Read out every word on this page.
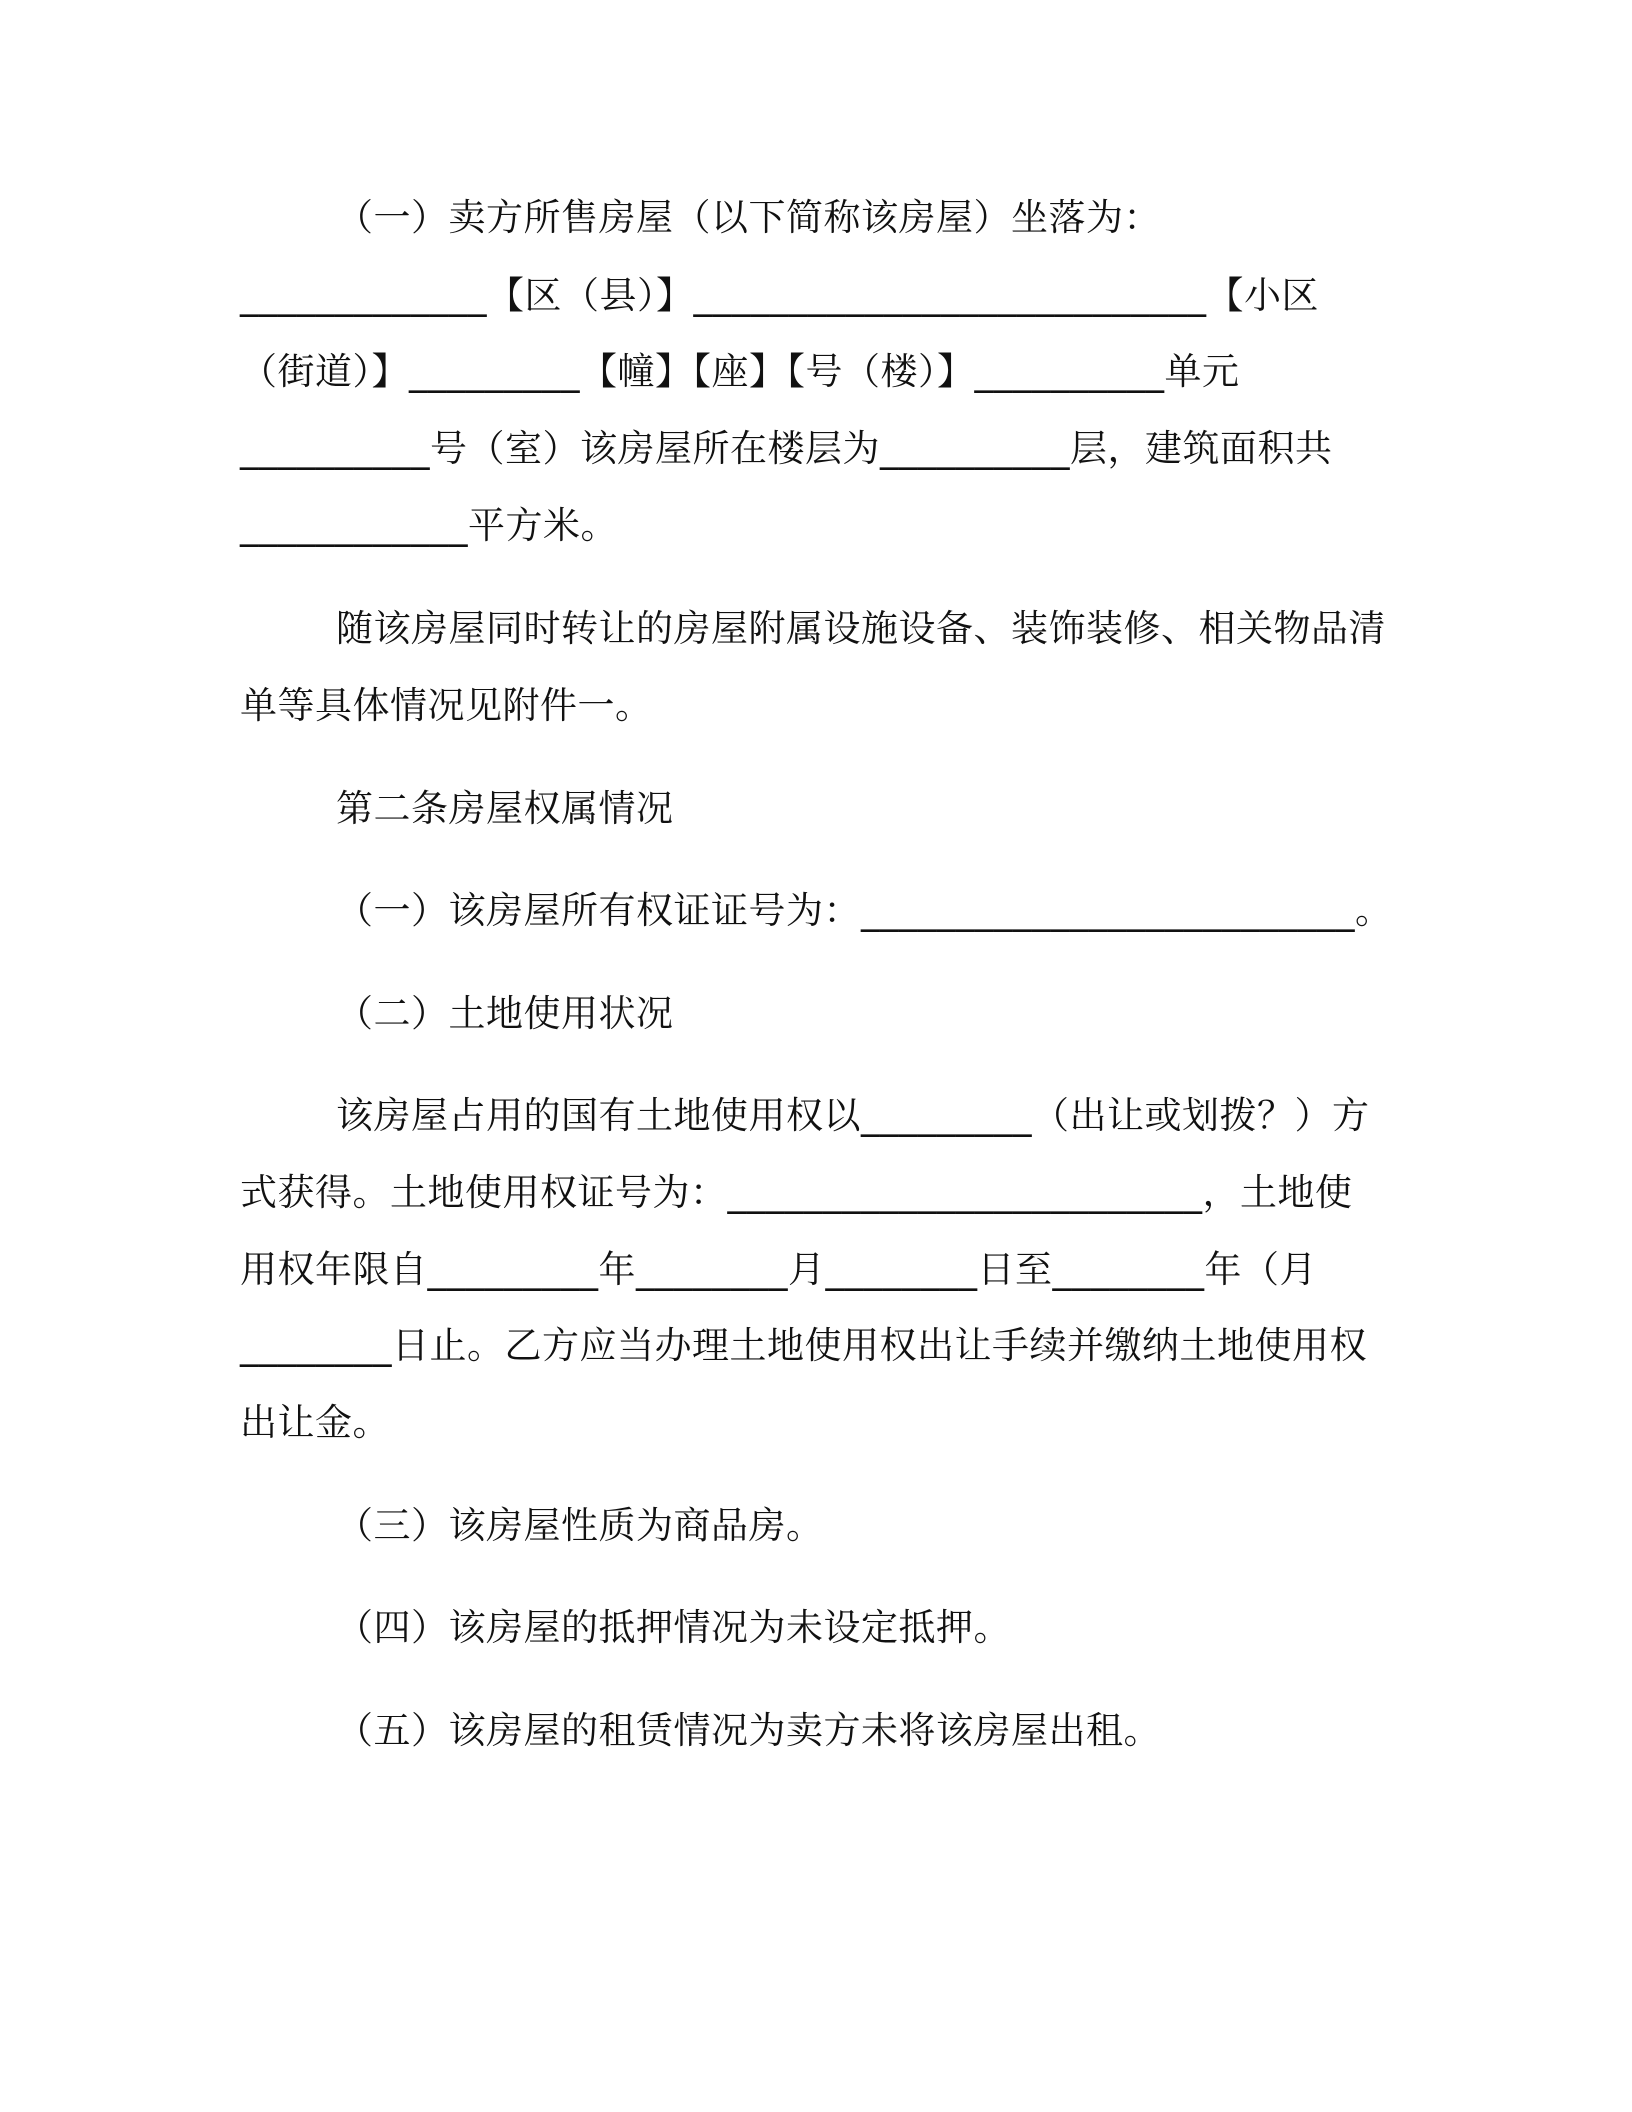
（一）卖方所售房屋（以下简称该房屋）坐落为：
_____________【区（县）】___________________________【小区
（街道）】_________【幢】【座】【号（楼）】__________单元
__________号（室）该房屋所在楼层为__________层，建筑面积共
____________平方米。
随该房屋同时转让的房屋附属设施设备、装饰装修、相关物品清
单等具体情况见附件一。
第二条房屋权属情况
（一）该房屋所有权证证号为：__________________________。
（二）土地使用状况
该房屋占用的国有土地使用权以_________（出让或划拨？）方
式获得。土地使用权证号为：_________________________，土地使
用权年限自_________年________月________日至________年（月
________日止。乙方应当办理土地使用权出让手续并缴纳土地使用权
出让金。
（三）该房屋性质为商品房。
（四）该房屋的抵押情况为未设定抵押。
（五）该房屋的租赁情况为卖方未将该房屋出租。
